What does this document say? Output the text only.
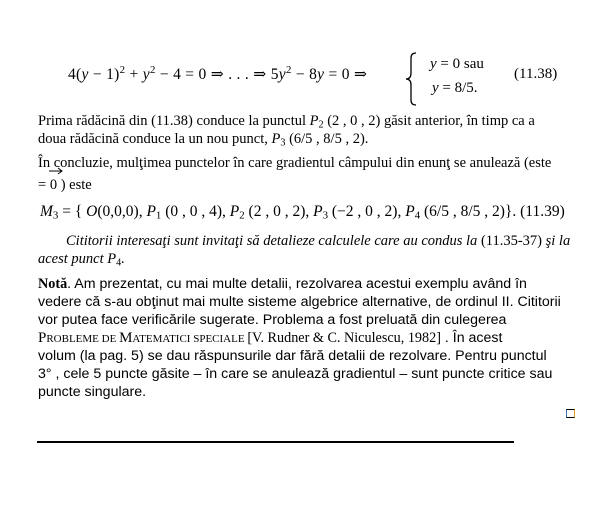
$4(y - 1)^2 + y^2 - 4 = 0$ ⇒ . . . ⇒ $5y^2 - 8y = 0$ ⇒
y = 0 sau
y = 8/5.
(11.38)
Prima rădăcină din (11.38) conduce la punctul $P_2$ (2 , 0 , 2) găsit anterior, în timp ca a
doua rădăcină conduce la un nou punct, $P_3$ (6/5 , 8/5 , 2).
În concluzie, mulţimea punctelor în care gradientul câmpului din enunţ se anulează (este
=
0 ) este
$M_3$ = { O(0,0,0), $P_1$ (0 , 0 , 4), $P_2$ (2 , 0 , 2), $P_3$ (−2 , 0 , 2), $P_4$ (6/5 , 8/5 , 2)}. (11.39)
Cititorii interesaţi sunt invitaţi să detalieze calculele care au condus la (11.35-37) şi la
acest punct $P_4$.
Notă. Am prezentat, cu mai multe detalii, rezolvarea acestui exemplu având în
vedere că s-au obţinut mai multe sisteme algebrice alternative, de ordinul II. Cititorii
vor putea face verificările sugerate. Problema a fost preluată din culegerea
PROBLEME DE MATEMATICI SPECIALE [V. Rudner & C. Niculescu, 1982] . În acest
volum (la pag. 5) se dau răspunsurile dar fără detalii de rezolvare. Pentru punctul
3° , cele 5 puncte găsite – în care se anulează gradientul – sunt puncte critice sau
puncte singulare.
